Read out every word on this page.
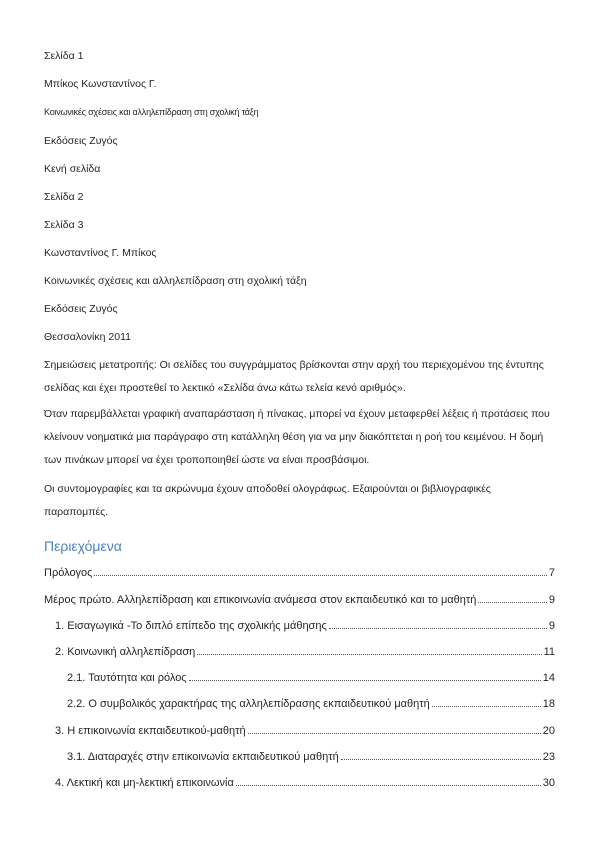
Σελίδα 1

Μπίκος Κωνσταντίνος Γ.

Κοινωνικές σχέσεις και αλληλεπίδραση στη σχολική τάξη

Εκδόσεις Ζυγός

Κενή σελίδα

Σελίδα 2

Σελίδα 3

Κωνσταντίνος Γ. Μπίκος

Κοινωνικές σχέσεις και αλληλεπίδραση στη σχολική τάξη

Εκδόσεις Ζυγός

Θεσσαλονίκη 2011

Σημειώσεις μετατροπής: Οι σελίδες του συγγράμματος βρίσκονται στην αρχή του περιεχομένου της έντυπης σελίδας και έχει προστεθεί το λεκτικό «Σελίδα άνω κάτω τελεία κενό αριθμός».

Όταν παρεμβάλλεται γραφική αναπαράσταση ή πίνακας, μπορεί να έχουν μεταφερθεί λέξεις ή προτάσεις που κλείνουν νοηματικά μια παράγραφο στη κατάλληλη θέση για να μην διακόπτεται η ροή του κειμένου. Η δομή των πινάκων μπορεί να έχει τροποποιηθεί ώστε να είναι προσβάσιμοι.

Οι συντομογραφίες και τα ακρώνυμα έχουν αποδοθεί ολογράφως. Εξαιρούνται οι βιβλιογραφικές παραπομπές.

Περιεχόμενα
Πρόλογος	7
Μέρος πρώτο. Αλληλεπίδραση και επικοινωνία ανάμεσα στον εκπαιδευτικό και το μαθητή	9
1. Εισαγωγικά -Το διπλό επίπεδο της σχολικής μάθησης	9
2. Κοινωνική αλληλεπίδραση	11
2.1. Ταυτότητα και ρόλος	14
2.2. Ο συμβολικός χαρακτήρας της αλληλεπίδρασης εκπαιδευτικού μαθητή	18
3. Η επικοινωνία εκπαιδευτικού-μαθητή	20
3.1. Διαταραχές στην επικοινωνία εκπαιδευτικού μαθητή	23
4. Λεκτική και μη-λεκτική επικοινωνία	30
